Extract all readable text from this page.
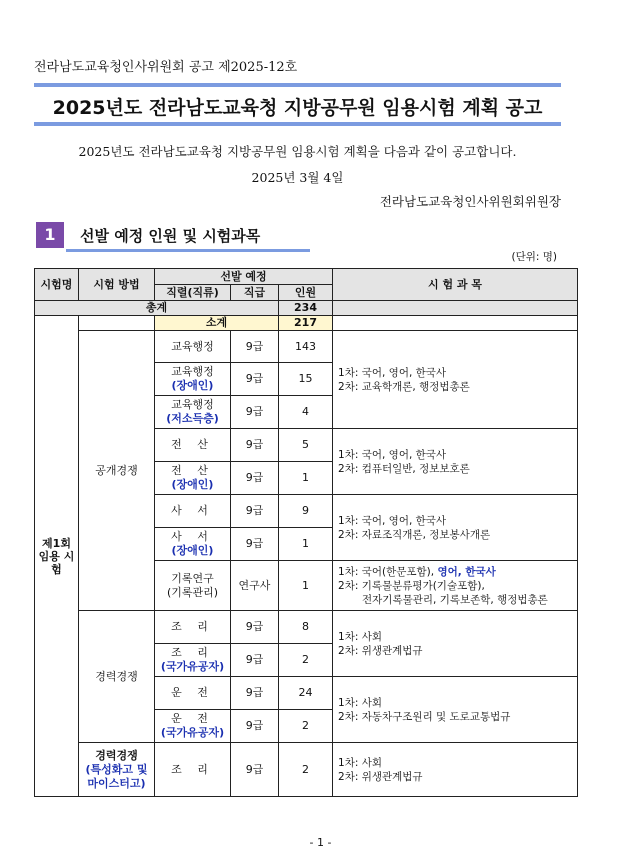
전라남도교육청인사위원회 공고 제2025-12호
2025년도 전라남도교육청 지방공무원 임용시험 계획 공고
2025년도 전라남도교육청 지방공무원 임용시험 계획을 다음과 같이 공고합니다.
2025년 3월 4일
전라남도교육청인사위원회위원장
1	선발 예정 인원 및 시험과목
(단위: 명)
시험명	시험 방법	선발 예정			시 험 과 목
		직렬(직류)	직급	인원	
총계				234	
제1회 임용 시험		소계		217	
	공개경쟁	교육행정	9급	143	1차: 국어, 영어, 한국사
2차: 교육학개론, 행정법총론

		교육행정
(장애인)	9급	15	
		교육행정
(저소득층)	9급	4	
		전 산	9급	5	1차: 국어, 영어, 한국사
2차: 컴퓨터일반, 정보보호론

		전 산
(장애인)	9급	1	
		사 서	9급	9	1차: 국어, 영어, 한국사
2차: 자료조직개론, 정보봉사개론

		사 서
(장애인)	9급	1	
		기록연구
(기록관리)	연구사	1	1차: 국어(한문포함), 영어, 한국사
2차: 기록물분류평가(기술포함),
전자기록물관리, 기록보존학, 행정법총론

	경력경쟁	조 리	9급	8	1차: 사회
2차: 위생관계법규

		조 리
(국가유공자)	9급	2	
		운 전	9급	24	1차: 사회
2차: 자동차구조원리 및 도로교통법규

		운 전
(국가유공자)	9급	2	
	경력경쟁
(특성화고 및 마이스터고)	조 리	9급	2	1차: 사회
2차: 위생관계법규
- 1 -
